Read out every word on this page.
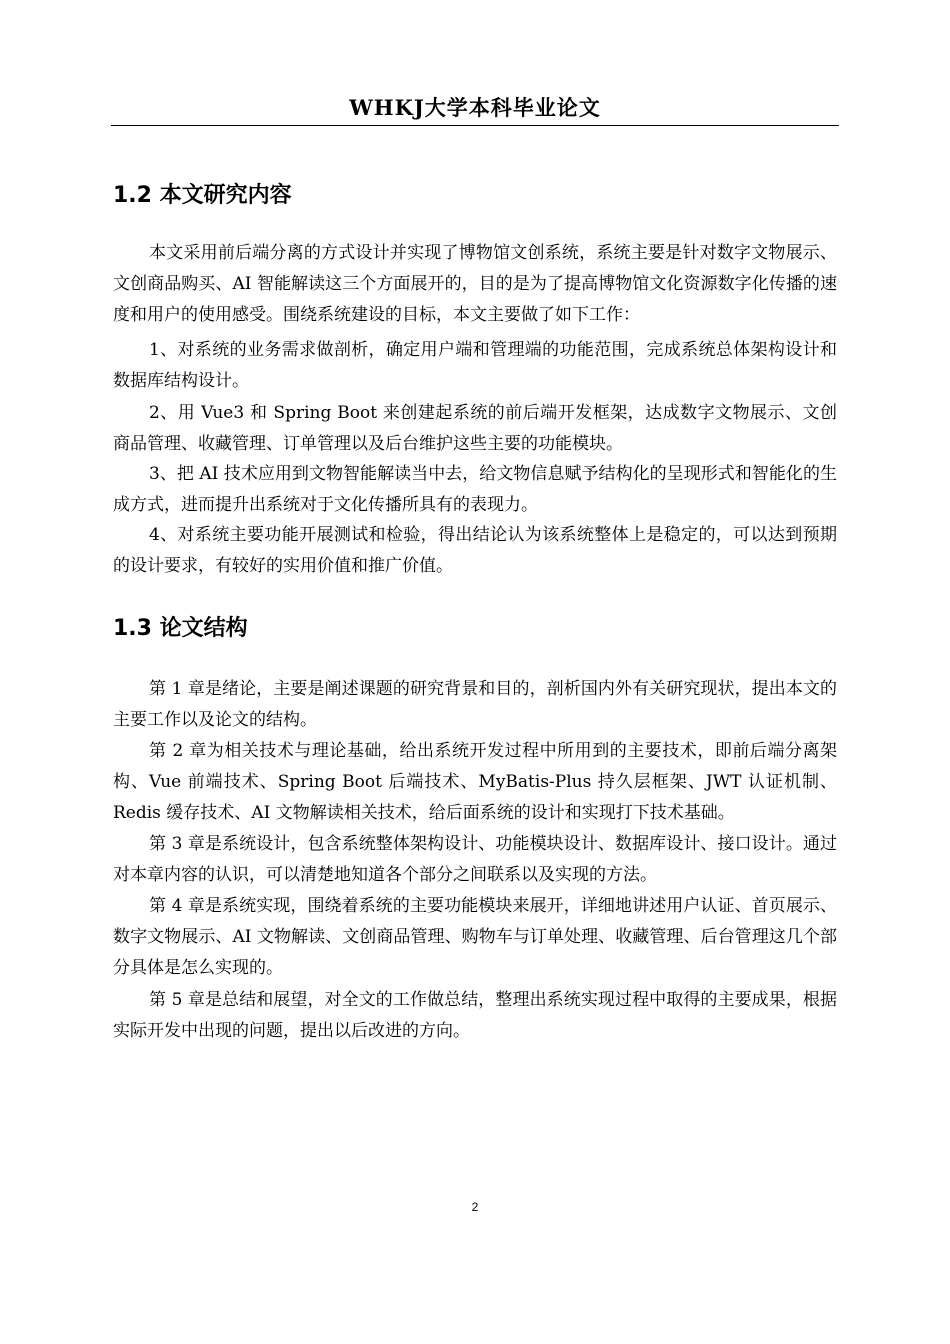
WHKJ大学本科毕业论文
1.2 本文研究内容

本文采用前后端分离的方式设计并实现了博物馆文创系统，系统主要是针对数字文物展示、文创商品购买、AI 智能解读这三个方面展开的，目的是为了提高博物馆文化资源数字化传播的速度和用户的使用感受。围绕系统建设的目标，本文主要做了如下工作：

1、对系统的业务需求做剖析，确定用户端和管理端的功能范围，完成系统总体架构设计和数据库结构设计。

2、用 Vue3 和 Spring Boot 来创建起系统的前后端开发框架，达成数字文物展示、文创商品管理、收藏管理、订单管理以及后台维护这些主要的功能模块。

3、把 AI 技术应用到文物智能解读当中去，给文物信息赋予结构化的呈现形式和智能化的生成方式，进而提升出系统对于文化传播所具有的表现力。

4、对系统主要功能开展测试和检验，得出结论认为该系统整体上是稳定的，可以达到预期的设计要求，有较好的实用价值和推广价值。

1.3 论文结构

第 1 章是绪论，主要是阐述课题的研究背景和目的，剖析国内外有关研究现状，提出本文的主要工作以及论文的结构。

第 2 章为相关技术与理论基础，给出系统开发过程中所用到的主要技术，即前后端分离架构、Vue 前端技术、Spring Boot 后端技术、MyBatis-Plus 持久层框架、JWT 认证机制、Redis 缓存技术、AI 文物解读相关技术，给后面系统的设计和实现打下技术基础。

第 3 章是系统设计，包含系统整体架构设计、功能模块设计、数据库设计、接口设计。通过对本章内容的认识，可以清楚地知道各个部分之间联系以及实现的方法。

第 4 章是系统实现，围绕着系统的主要功能模块来展开，详细地讲述用户认证、首页展示、数字文物展示、AI 文物解读、文创商品管理、购物车与订单处理、收藏管理、后台管理这几个部分具体是怎么实现的。

第 5 章是总结和展望，对全文的工作做总结，整理出系统实现过程中取得的主要成果，根据实际开发中出现的问题，提出以后改进的方向。

2
